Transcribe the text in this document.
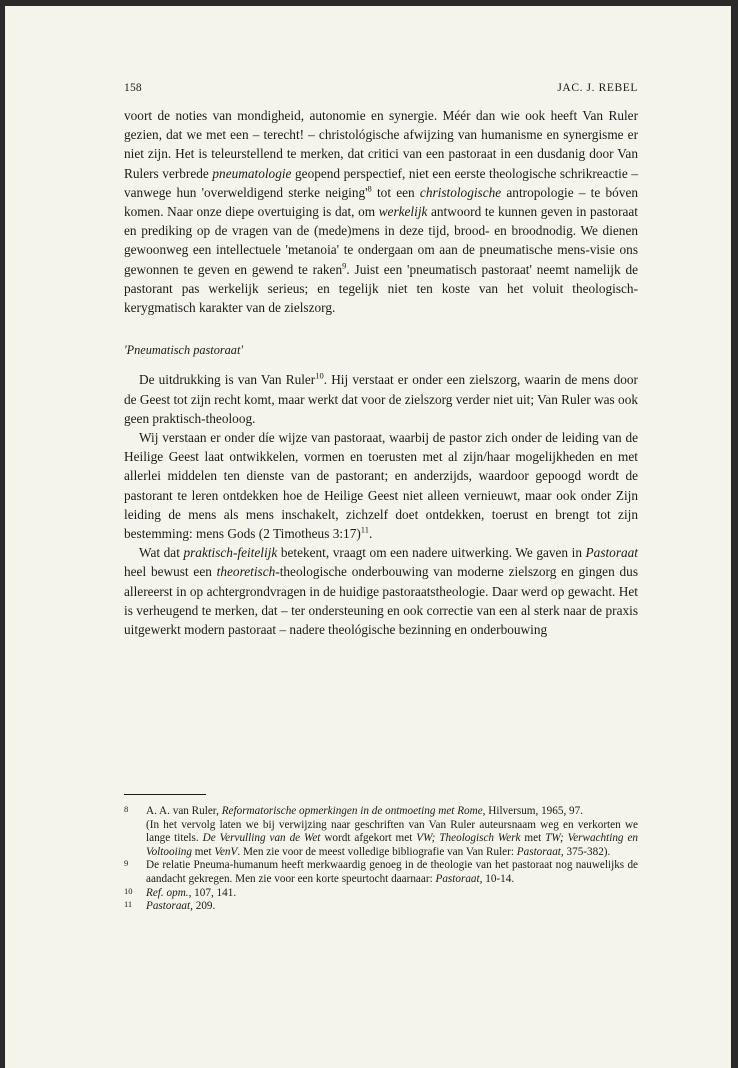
158	JAC. J. REBEL

voort de noties van mondigheid, autonomie en synergie. Méér dan wie ook heeft Van Ruler gezien, dat we met een – terecht! – christológische afwijzing van humanisme en synergisme er niet zijn. Het is teleurstellend te merken, dat critici van een pastoraat in een dusdanig door Van Rulers verbrede pneumatologie geopend perspectief, niet een eerste theologische schrikreactie – vanwege hun 'overweldigend sterke $neiging'^8$ tot een christologische antropologie – te bóven komen. Naar onze diepe overtuiging is dat, om werkelijk antwoord te kunnen geven in pastoraat en prediking op de vragen van de (mede)mens in deze tijd, brood- en broodnodig. We dienen gewoonweg een intellectuele 'metanoia' te ondergaan om aan de pneumatische mens-visie ons gewonnen te geven en gewend te raken$^9$. Juist een 'pneumatisch pastoraat' neemt namelijk de pastorant pas werkelijk serieus; en tegelijk niet ten koste van het voluit theologisch-kerygmatisch karakter van de zielszorg.

'Pneumatisch pastoraat'

De uitdrukking is van Van Ruler$^{10}$. Hij verstaat er onder een zielszorg, waarin de mens door de Geest tot zijn recht komt, maar werkt dat voor de zielszorg verder niet uit; Van Ruler was ook geen praktisch-theoloog.

Wij verstaan er onder díe wijze van pastoraat, waarbij de pastor zich onder de leiding van de Heilige Geest laat ontwikkelen, vormen en toerusten met al zijn/haar mogelijkheden en met allerlei middelen ten dienste van de pastorant; en anderzijds, waardoor gepoogd wordt de pastorant te leren ontdekken hoe de Heilige Geest niet alleen vernieuwt, maar ook onder Zijn leiding de mens als mens inschakelt, zichzelf doet ontdekken, toerust en brengt tot zijn bestemming: mens Gods (2 Timotheus 3:17)$^{11}$.

Wat dat praktisch-feitelijk betekent, vraagt om een nadere uitwerking. We gaven in Pastoraat heel bewust een theoretisch-theologische onderbouwing van moderne zielszorg en gingen dus allereerst in op achtergrondvragen in de huidige pastoraatstheologie. Daar werd op gewacht. Het is verheugend te merken, dat – ter ondersteuning en ook correctie van een al sterk naar de praxis uitgewerkt modern pastoraat – nadere theológische bezinning en onderbouwing

8 A. A. van Ruler, Reformatorische opmerkingen in de ontmoeting met Rome, Hilversum, 1965, 97.
(In het vervolg laten we bij verwijzing naar geschriften van Van Ruler auteursnaam weg en verkorten we lange titels. De Vervulling van de Wet wordt afgekort met VW; Theologisch Werk met TW; Verwachting en Voltooiing met VenV. Men zie voor de meest volledige bibliografie van Van Ruler: Pastoraat, 375-382).
9 De relatie Pneuma-humanum heeft merkwaardig genoeg in de theologie van het pastoraat nog nauwelijks de aandacht gekregen. Men zie voor een korte speurtocht daarnaar: Pastoraat, 10-14.
10 Ref. opm., 107, 141.
11 Pastoraat, 209.
